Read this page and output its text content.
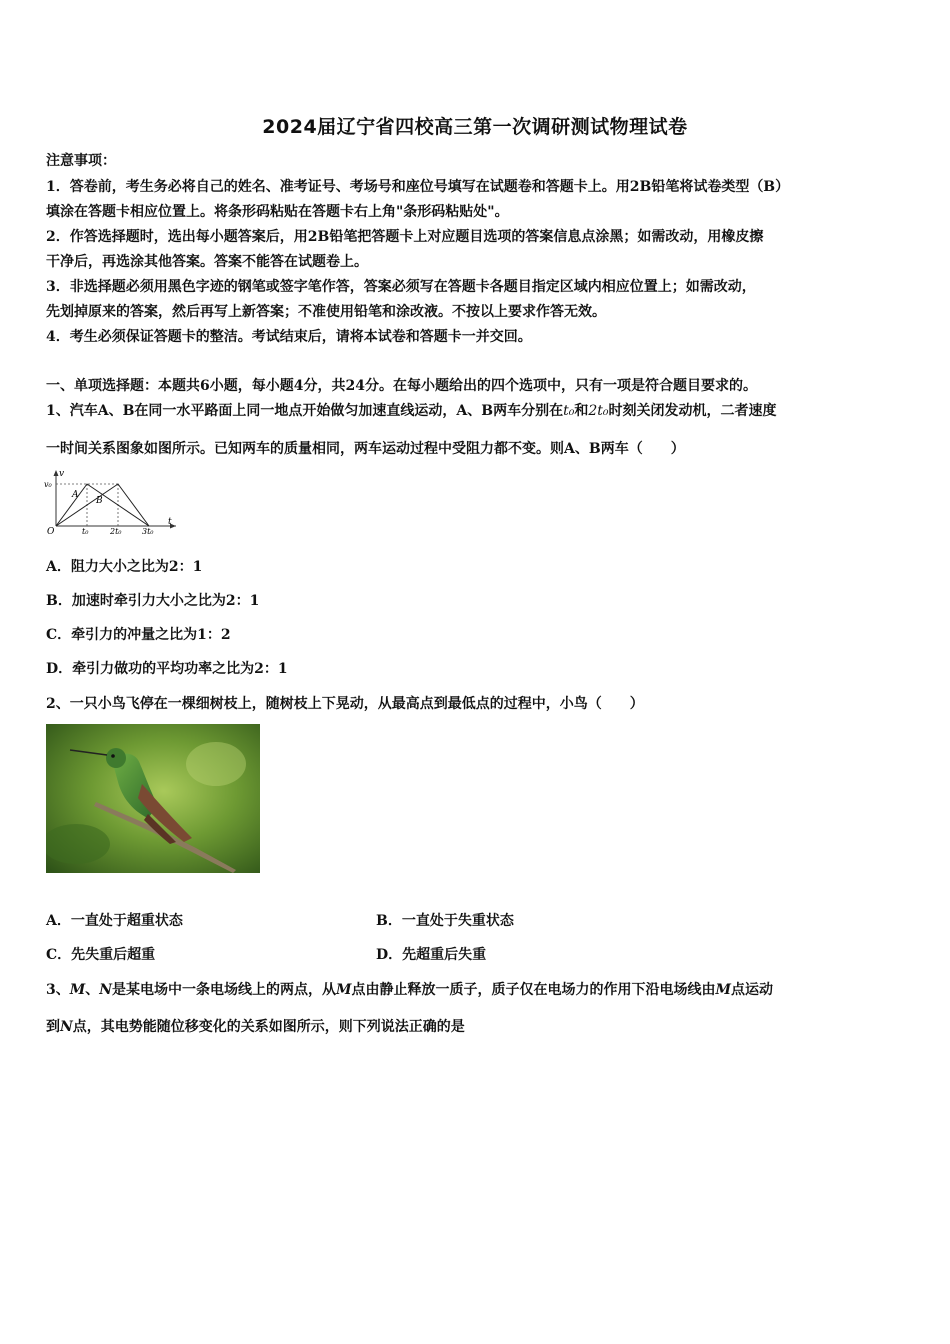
2024届辽宁省四校高三第一次调研测试物理试卷
注意事项：
1．答卷前，考生务必将自己的姓名、准考证号、考场号和座位号填写在试题卷和答题卡上。用2B铅笔将试卷类型（B）
填涂在答题卡相应位置上。将条形码粘贴在答题卡右上角"条形码粘贴处"。
2．作答选择题时，选出每小题答案后，用2B铅笔把答题卡上对应题目选项的答案信息点涂黑；如需改动，用橡皮擦
干净后，再选涂其他答案。答案不能答在试题卷上。
3．非选择题必须用黑色字迹的钢笔或签字笔作答，答案必须写在答题卡各题目指定区域内相应位置上；如需改动，
先划掉原来的答案，然后再写上新答案；不准使用铅笔和涂改液。不按以上要求作答无效。
4．考生必须保证答题卡的整洁。考试结束后，请将本试卷和答题卡一并交回。
一、单项选择题：本题共6小题，每小题4分，共24分。在每小题给出的四个选项中，只有一项是符合题目要求的。
1、汽车A、B在同一水平路面上同一地点开始做匀加速直线运动，A、B两车分别在t₀和2t₀时刻关闭发动机，二者速度
一时间关系图象如图所示。已知两车的质量相同，两车运动过程中受阻力都不变。则A、B两车（　　）
v
v₀
A
B
O	t₀	2t₀	3t₀
t
A．阻力大小之比为2：1
B．加速时牵引力大小之比为2：1
C．牵引力的冲量之比为1：2
D．牵引力做功的平均功率之比为2：1
2、一只小鸟飞停在一棵细树枝上，随树枝上下晃动，从最高点到最低点的过程中，小鸟（　　）
A．一直处于超重状态	B．一直处于失重状态
C．先失重后超重	D．先超重后失重
3、M、N是某电场中一条电场线上的两点，从M点由静止释放一质子，质子仅在电场力的作用下沿电场线由M点运动
到N点，其电势能随位移变化的关系如图所示，则下列说法正确的是
